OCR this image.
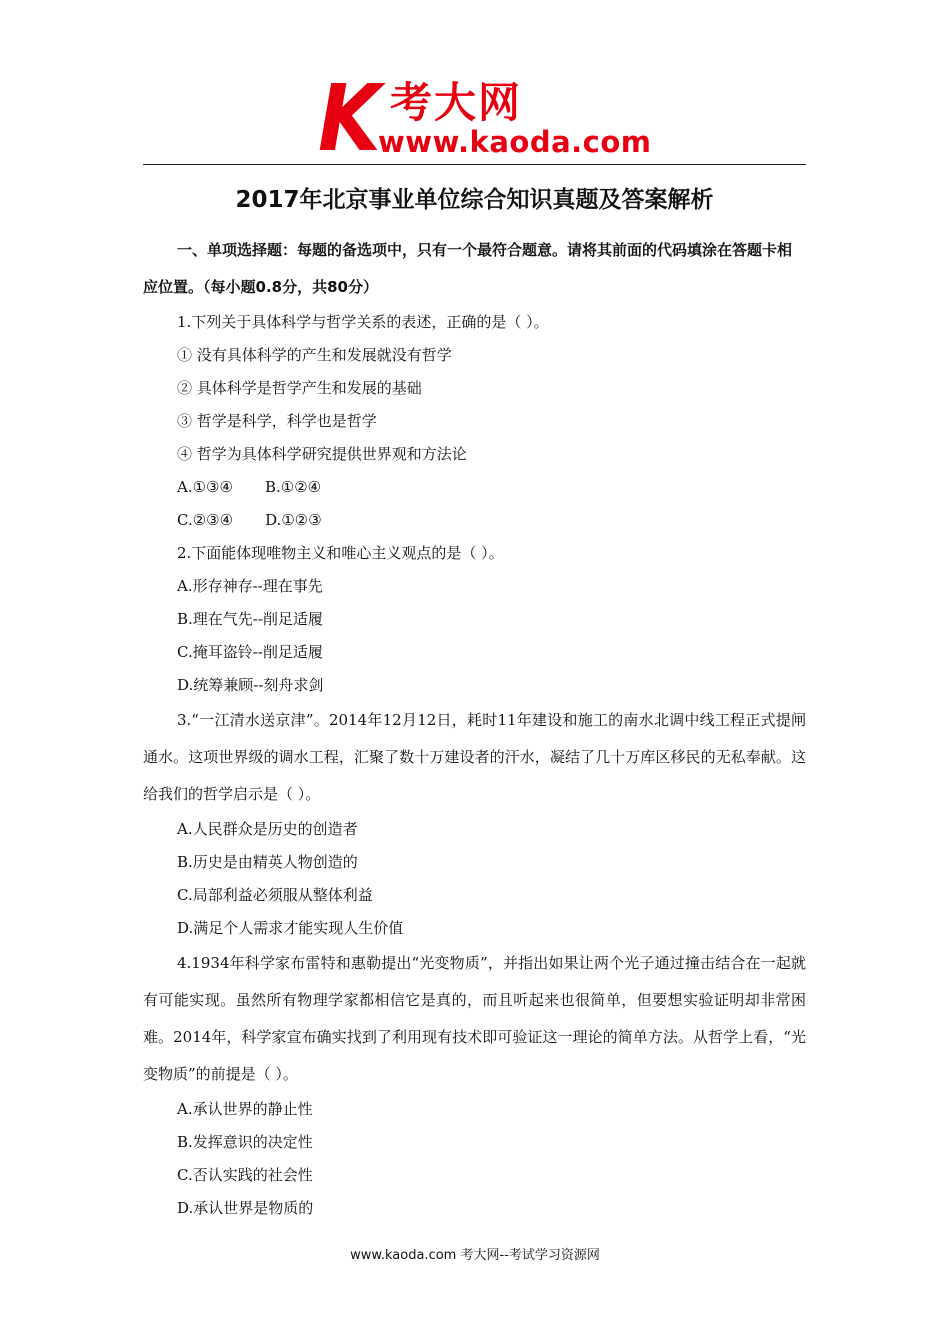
K 考大网
www.kaoda.com
2017年北京事业单位综合知识真题及答案解析

一、单项选择题：每题的备选项中，只有一个最符合题意。请将其前面的代码填涂在答题卡相应位置。（每小题0.8分，共80分）

1.下列关于具体科学与哲学关系的表述，正确的是（ ）。

① 没有具体科学的产生和发展就没有哲学

② 具体科学是哲学产生和发展的基础

③ 哲学是科学，科学也是哲学

④ 哲学为具体科学研究提供世界观和方法论

A.①③④ B.①②④

C.②③④ D.①②③

2.下面能体现唯物主义和唯心主义观点的是（ ）。

A.形存神存--理在事先

B.理在气先--削足适履

C.掩耳盗铃--削足适履

D.统筹兼顾--刻舟求剑

3.“一江清水送京津”。2014年12月12日，耗时11年建设和施工的南水北调中线工程正式提闸通水。这项世界级的调水工程，汇聚了数十万建设者的汗水，凝结了几十万库区移民的无私奉献。这给我们的哲学启示是（ ）。

A.人民群众是历史的创造者

B.历史是由精英人物创造的

C.局部利益必须服从整体利益

D.满足个人需求才能实现人生价值

4.1934年科学家布雷特和惠勒提出“光变物质”，并指出如果让两个光子通过撞击结合在一起就有可能实现。虽然所有物理学家都相信它是真的，而且听起来也很简单，但要想实验证明却非常困难。2014年，科学家宣布确实找到了利用现有技术即可验证这一理论的简单方法。从哲学上看，“光变物质”的前提是（ ）。

A.承认世界的静止性

B.发挥意识的决定性

C.否认实践的社会性

D.承认世界是物质的

www.kaoda.com 考大网--考试学习资源网
